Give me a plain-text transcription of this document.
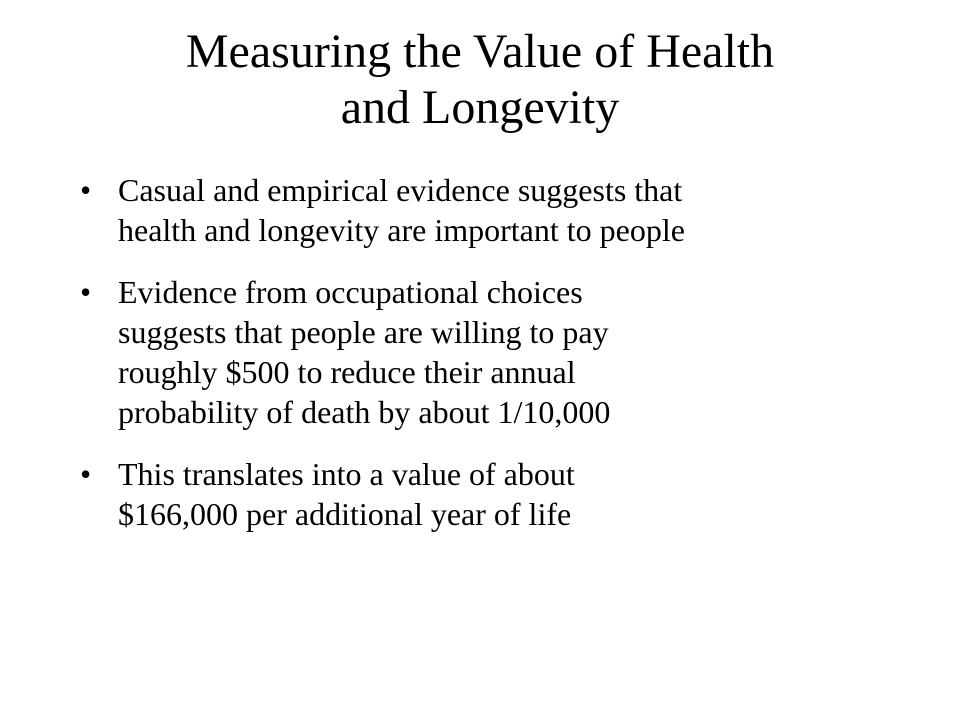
Measuring the Value of Health
and Longevity
• Casual and empirical evidence suggests that
health and longevity are important to people
• Evidence from occupational choices
suggests that people are willing to pay
roughly $500 to reduce their annual
probability of death by about 1/10,000
• This translates into a value of about
$166,000 per additional year of life
